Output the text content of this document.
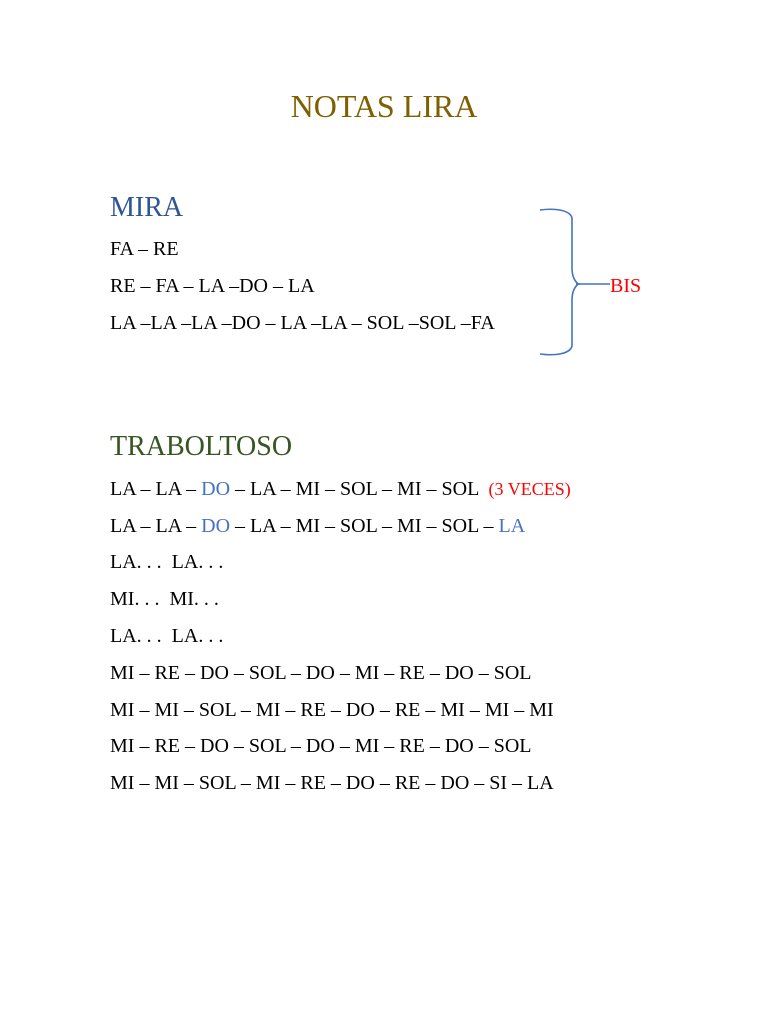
NOTAS LIRA
MIRA
FA – RE
RE – FA – LA –DO – LA
LA –LA –LA –DO – LA –LA – SOL –SOL –FA
BIS
TRABOLTOSO
LA – LA – DO – LA – MI – SOL – MI – SOL  (3 VECES)
LA – LA – DO – LA – MI – SOL – MI – SOL – LA
LA. . .  LA. . .
MI. . .  MI. . .
LA. . .  LA. . .
MI – RE – DO – SOL – DO – MI – RE – DO – SOL
MI – MI – SOL – MI – RE – DO – RE – MI – MI – MI
MI – RE – DO – SOL – DO – MI – RE – DO – SOL
MI – MI – SOL – MI – RE – DO – RE – DO – SI – LA
